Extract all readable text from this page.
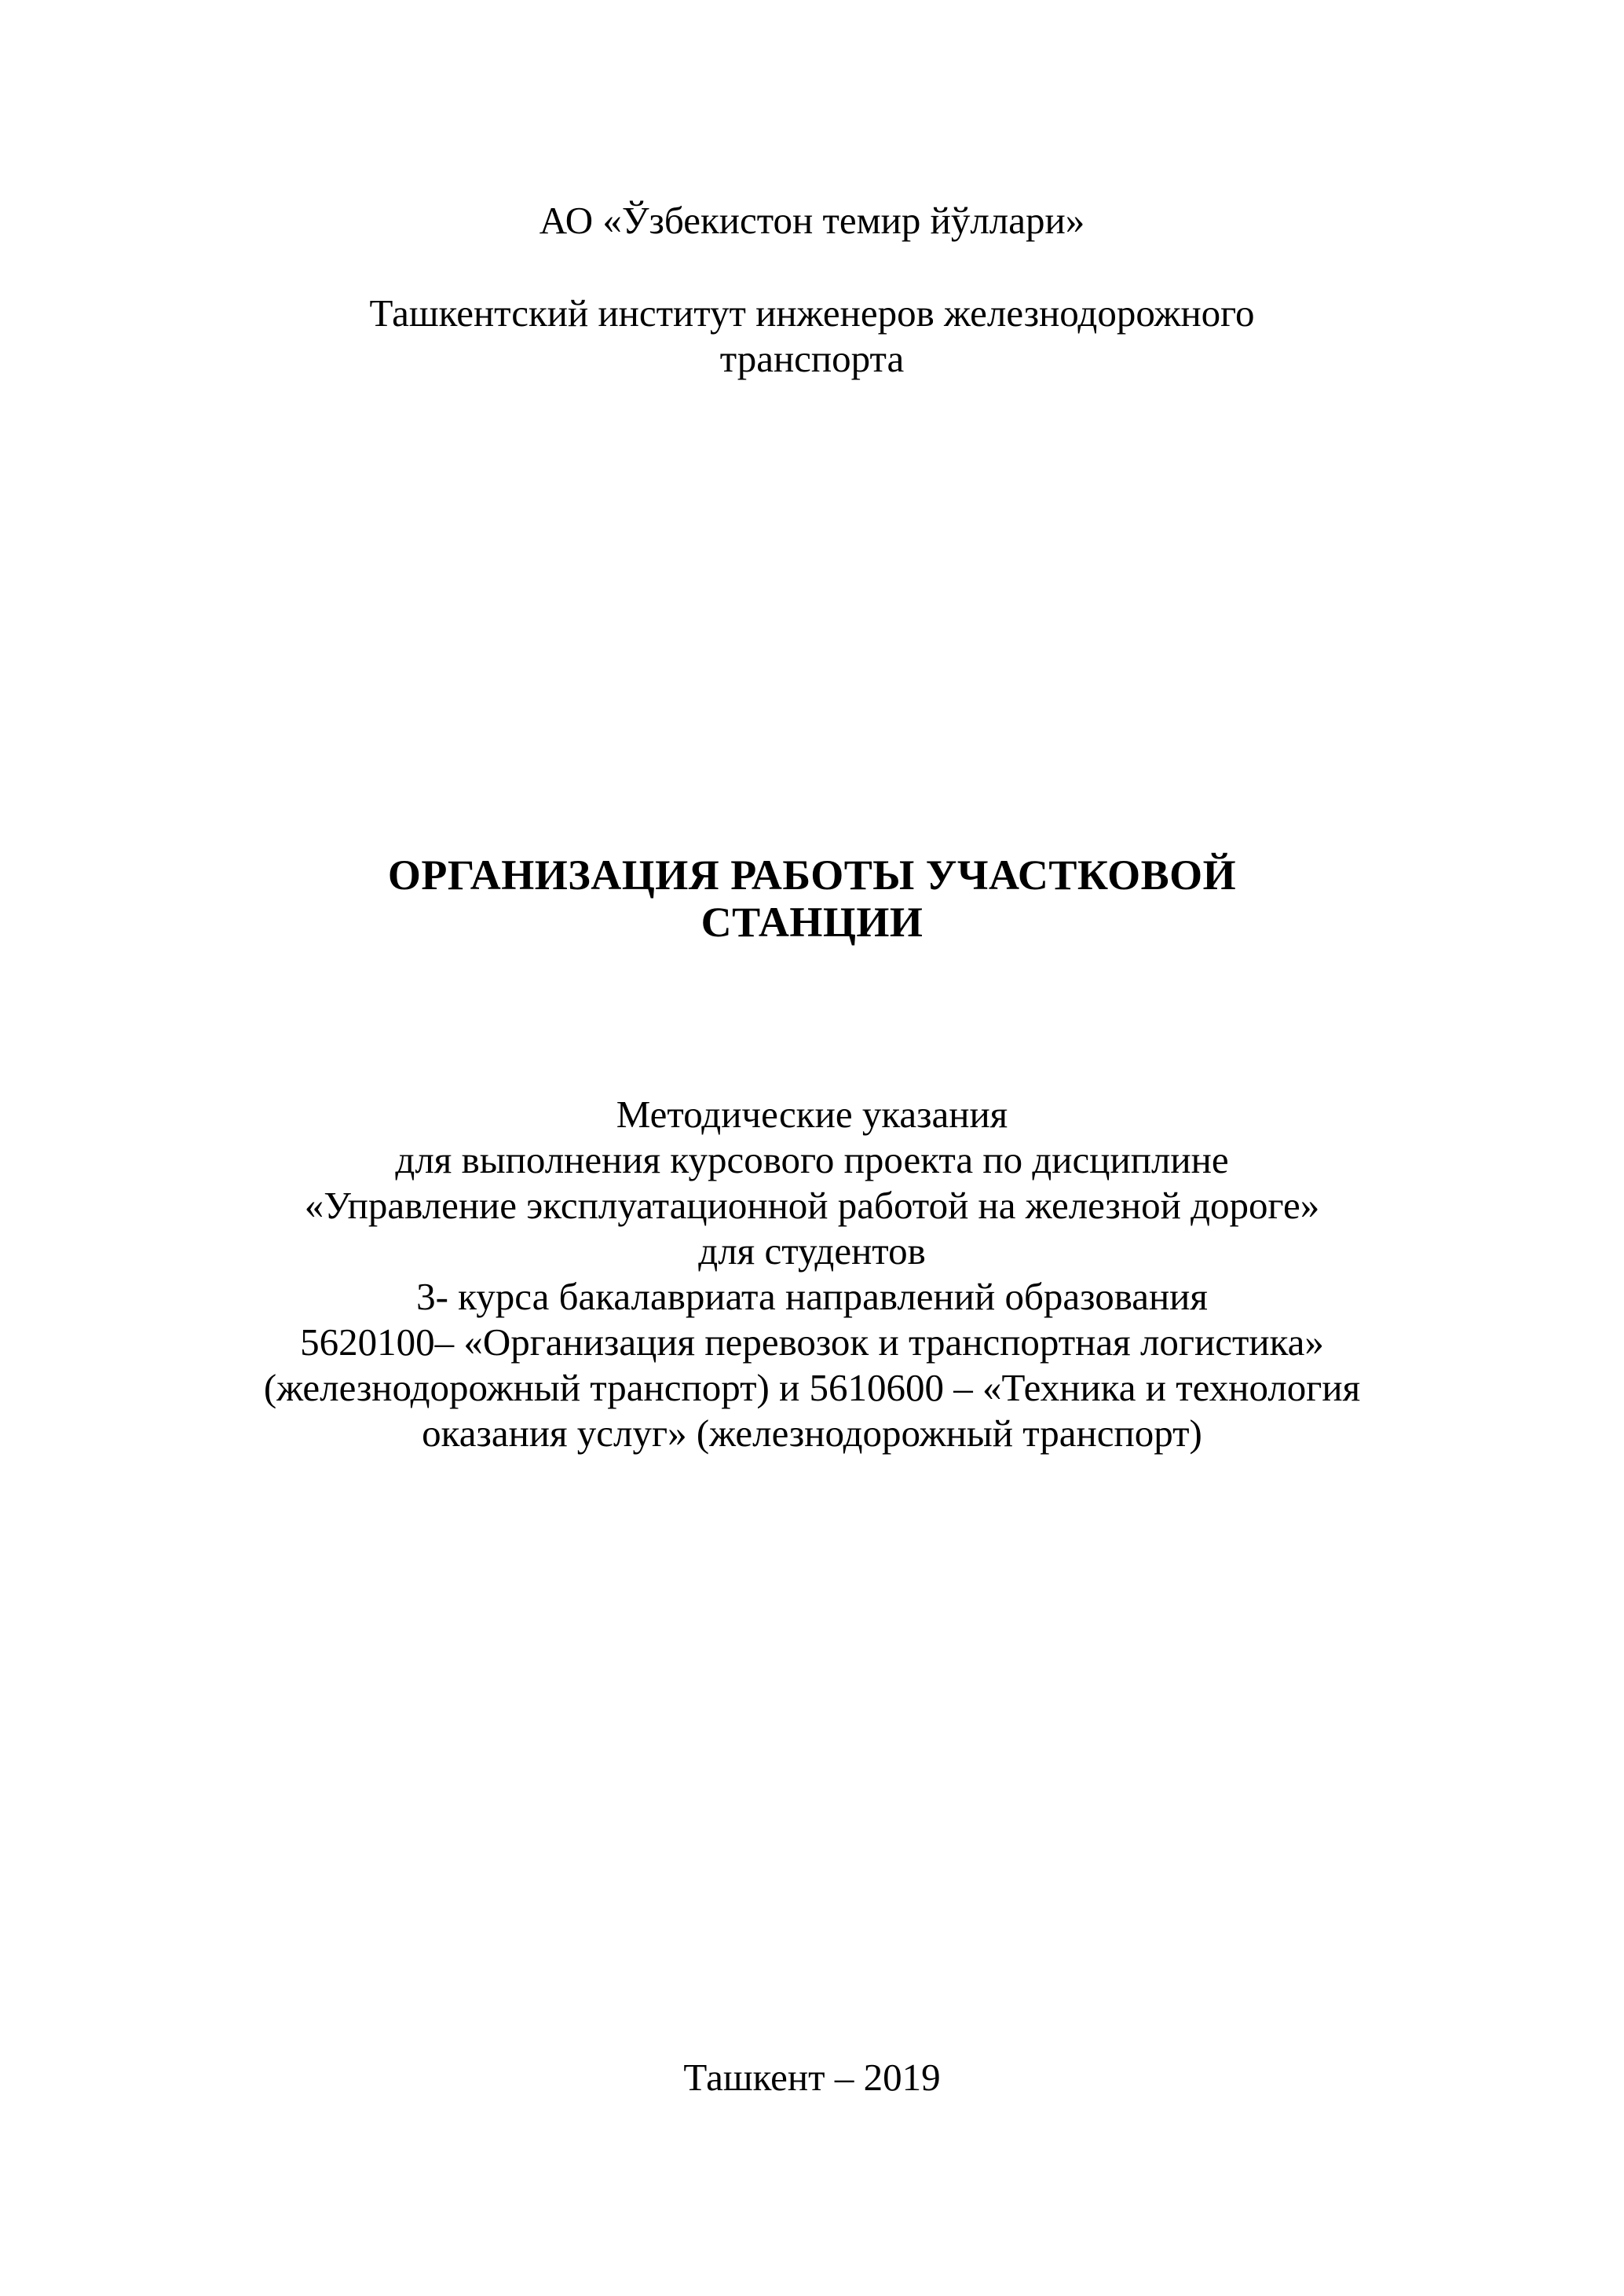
АО «Ўзбекистон темир йўллари»
Ташкентский институт инженеров железнодорожного
транспорта
ОРГАНИЗАЦИЯ РАБОТЫ УЧАСТКОВОЙ
СТАНЦИИ
Методические указания
для выполнения курсового проекта по дисциплине
«Управление эксплуатационной работой на железной дороге»
для студентов
3- курса бакалавриата направлений образования
5620100– «Организация перевозок и транспортная логистика»
(железнодорожный транспорт) и 5610600 – «Техника и технология
оказания услуг» (железнодорожный транспорт)
Ташкент – 2019
